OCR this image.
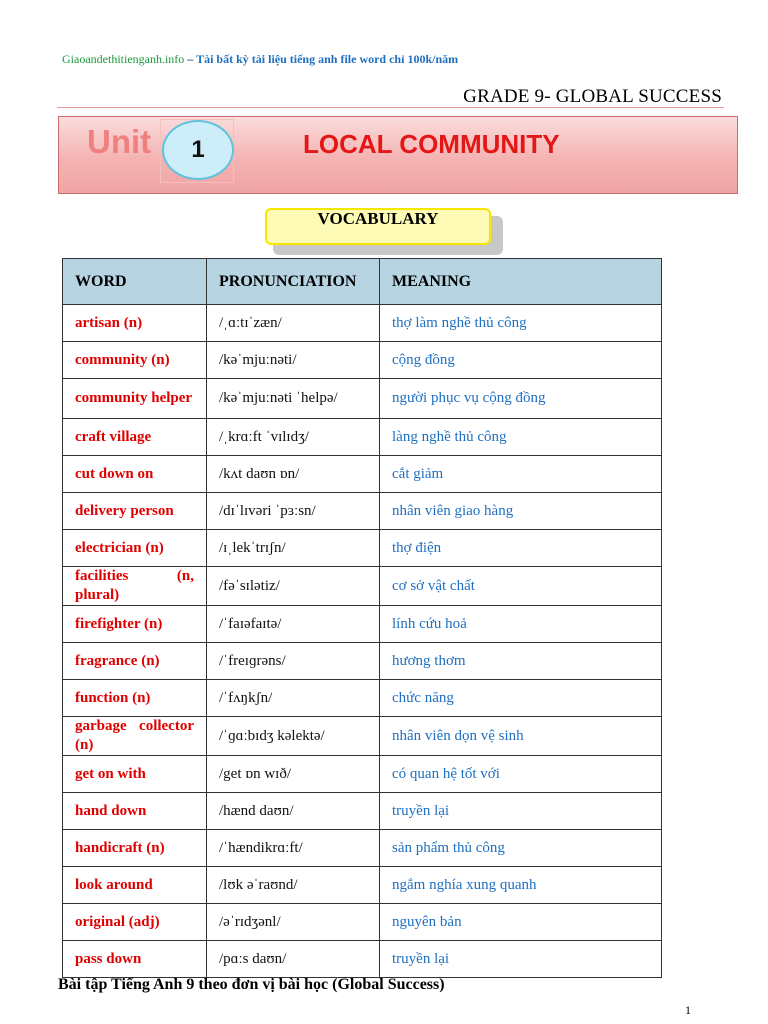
Giaoandethitienganh.info – Tài bất kỳ tài liệu tiếng anh file word chỉ 100k/năm
GRADE 9- GLOBAL SUCCESS
Unit	1	LOCAL COMMUNITY
VOCABULARY
WORD	PRONUNCIATION	MEANING
artisan (n)	/ˌɑːtɪˈzæn/	thợ làm nghề thủ công
community (n)	/kəˈmjuːnəti/	cộng đồng
community helper	/kəˈmjuːnəti ˈhelpə/	người phục vụ cộng đồng
craft village	/ˌkrɑːft ˈvɪlɪdʒ/	làng nghề thủ công
cut down on	/kʌt daʊn ɒn/	cắt giảm
delivery person	/dɪˈlɪvəri ˈpɜːsn/	nhân viên giao hàng
electrician (n)	/ɪˌlekˈtrɪʃn/	thợ điện
facilities (n, plural)	/fəˈsɪlətiz/	cơ sở vật chất
firefighter (n)	/ˈfaɪəfaɪtə/	lính cứu hoả
fragrance (n)	/ˈfreɪɡrəns/	hương thơm
function (n)	/ˈfʌŋkʃn/	chức năng
garbage collector (n)	/ˈɡɑːbɪdʒ kəlektə/	nhân viên dọn vệ sinh
get on with	/get ɒn wɪð/	có quan hệ tốt với
hand down	/hænd daʊn/	truyền lại
handicraft (n)	/ˈhændikrɑːft/	sản phẩm thủ công
look around	/lʊk əˈraʊnd/	ngắm nghía xung quanh
original (adj)	/əˈrɪdʒənl/	nguyên bản
pass down	/pɑːs daʊn/	truyền lại
Bài tập Tiếng Anh 9 theo đơn vị bài học (Global Success)
1
